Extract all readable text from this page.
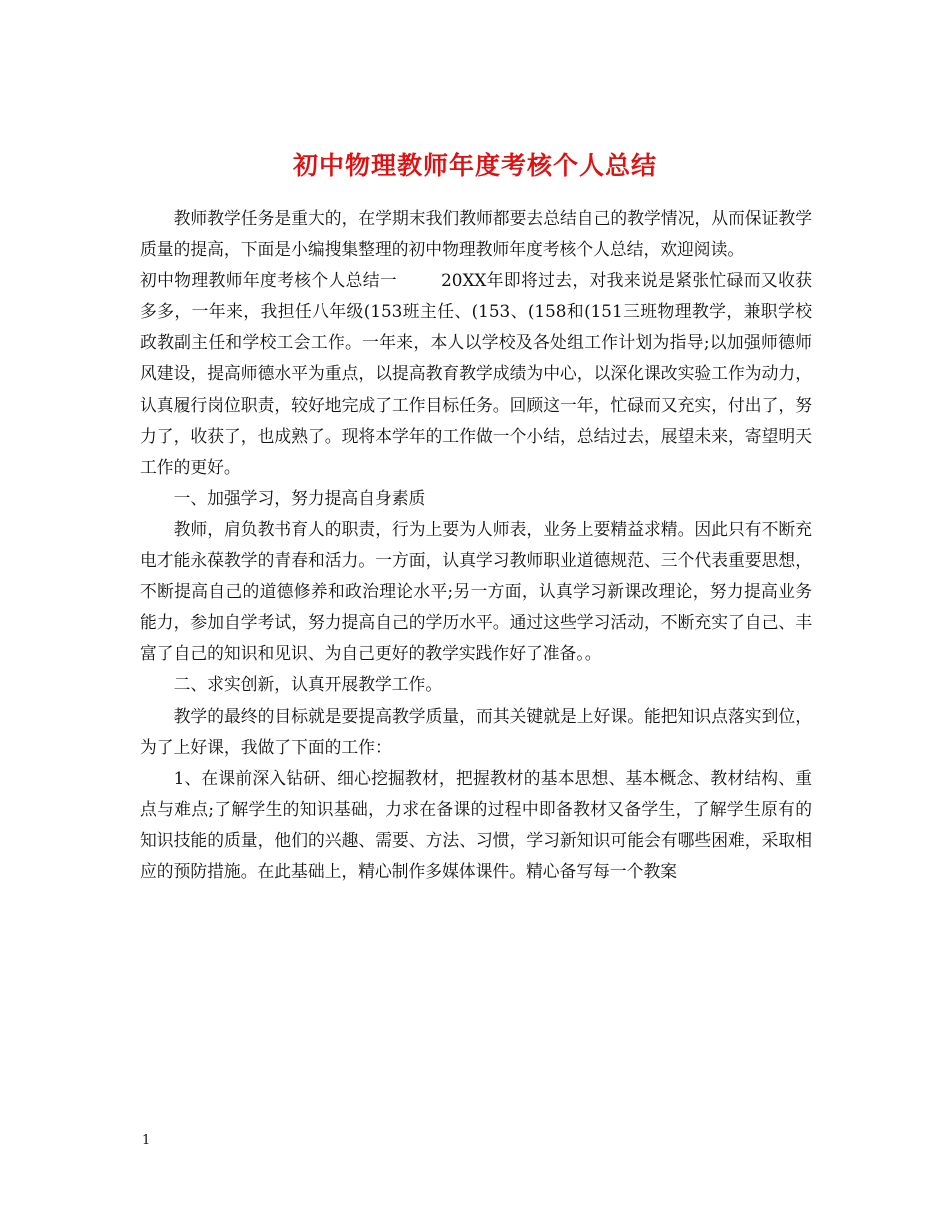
初中物理教师年度考核个人总结

教师教学任务是重大的，在学期末我们教师都要去总结自己的教学情况，从而保证教学质量的提高，下面是小编搜集整理的初中物理教师年度考核个人总结，欢迎阅读。

初中物理教师年度考核个人总结一	20XX年即将过去，对我来说是紧张忙碌而又收获多多，一年来，我担任八年级(153班主任、(153、(158和(151三班物理教学，兼职学校政教副主任和学校工会工作。一年来，本人以学校及各处组工作计划为指导;以加强师德师风建设，提高师德水平为重点，以提高教育教学成绩为中心，以深化课改实验工作为动力，认真履行岗位职责，较好地完成了工作目标任务。回顾这一年，忙碌而又充实，付出了，努力了，收获了，也成熟了。现将本学年的工作做一个小结，总结过去，展望未来，寄望明天工作的更好。

一、加强学习，努力提高自身素质

教师，肩负教书育人的职责，行为上要为人师表，业务上要精益求精。因此只有不断充电才能永葆教学的青春和活力。一方面，认真学习教师职业道德规范、三个代表重要思想，不断提高自己的道德修养和政治理论水平;另一方面，认真学习新课改理论，努力提高业务能力，参加自学考试，努力提高自己的学历水平。通过这些学习活动，不断充实了自己、丰富了自己的知识和见识、为自己更好的教学实践作好了准备。。

二、求实创新，认真开展教学工作。

教学的最终的目标就是要提高教学质量，而其关键就是上好课。能把知识点落实到位，为了上好课，我做了下面的工作：

1、在课前深入钻研、细心挖掘教材，把握教材的基本思想、基本概念、教材结构、重点与难点;了解学生的知识基础，力求在备课的过程中即备教材又备学生，了解学生原有的知识技能的质量，他们的兴趣、需要、方法、习惯，学习新知识可能会有哪些困难，采取相应的预防措施。在此基础上，精心制作多媒体课件。精心备写每一个教案

1
